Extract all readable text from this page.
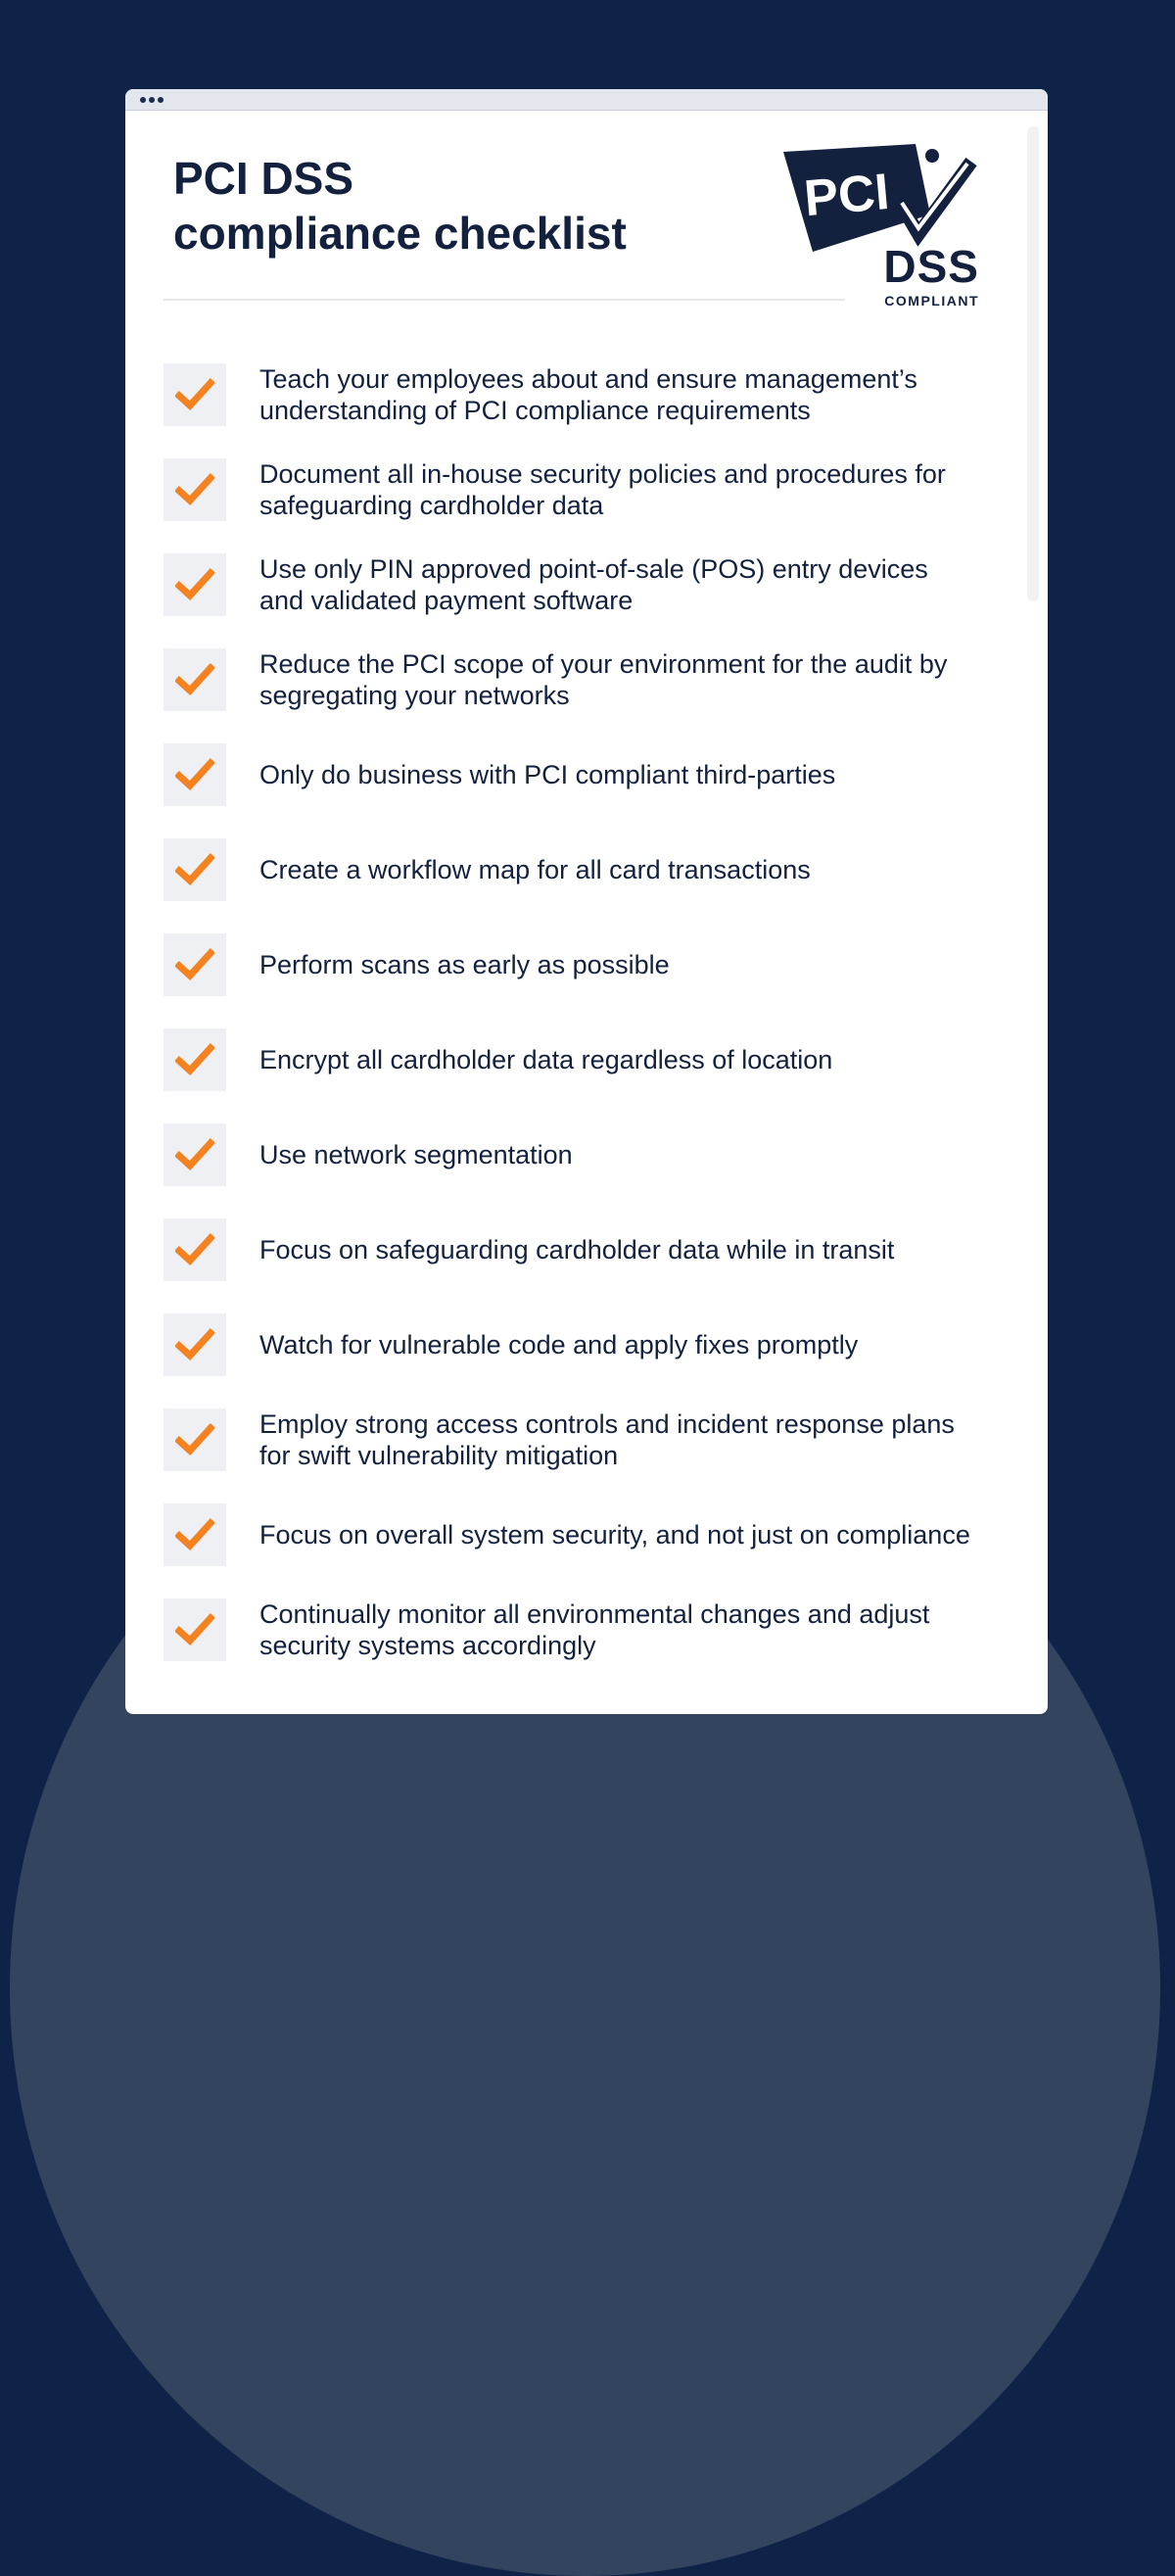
PCI DSS
compliance checklist
PCI
DSS
COMPLIANT
Teach your employees about and ensure management’s understanding of PCI compliance requirements
Document all in-house security policies and procedures for safeguarding cardholder data
Use only PIN approved point-of-sale (POS) entry devices and validated payment software
Reduce the PCI scope of your environment for the audit by segregating your networks
Only do business with PCI compliant third-parties
Create a workflow map for all card transactions
Perform scans as early as possible
Encrypt all cardholder data regardless of location
Use network segmentation
Focus on safeguarding cardholder data while in transit
Watch for vulnerable code and apply fixes promptly
Employ strong access controls and incident response plans for swift vulnerability mitigation
Focus on overall system security, and not just on compliance
Continually monitor all environmental changes and adjust security systems accordingly
